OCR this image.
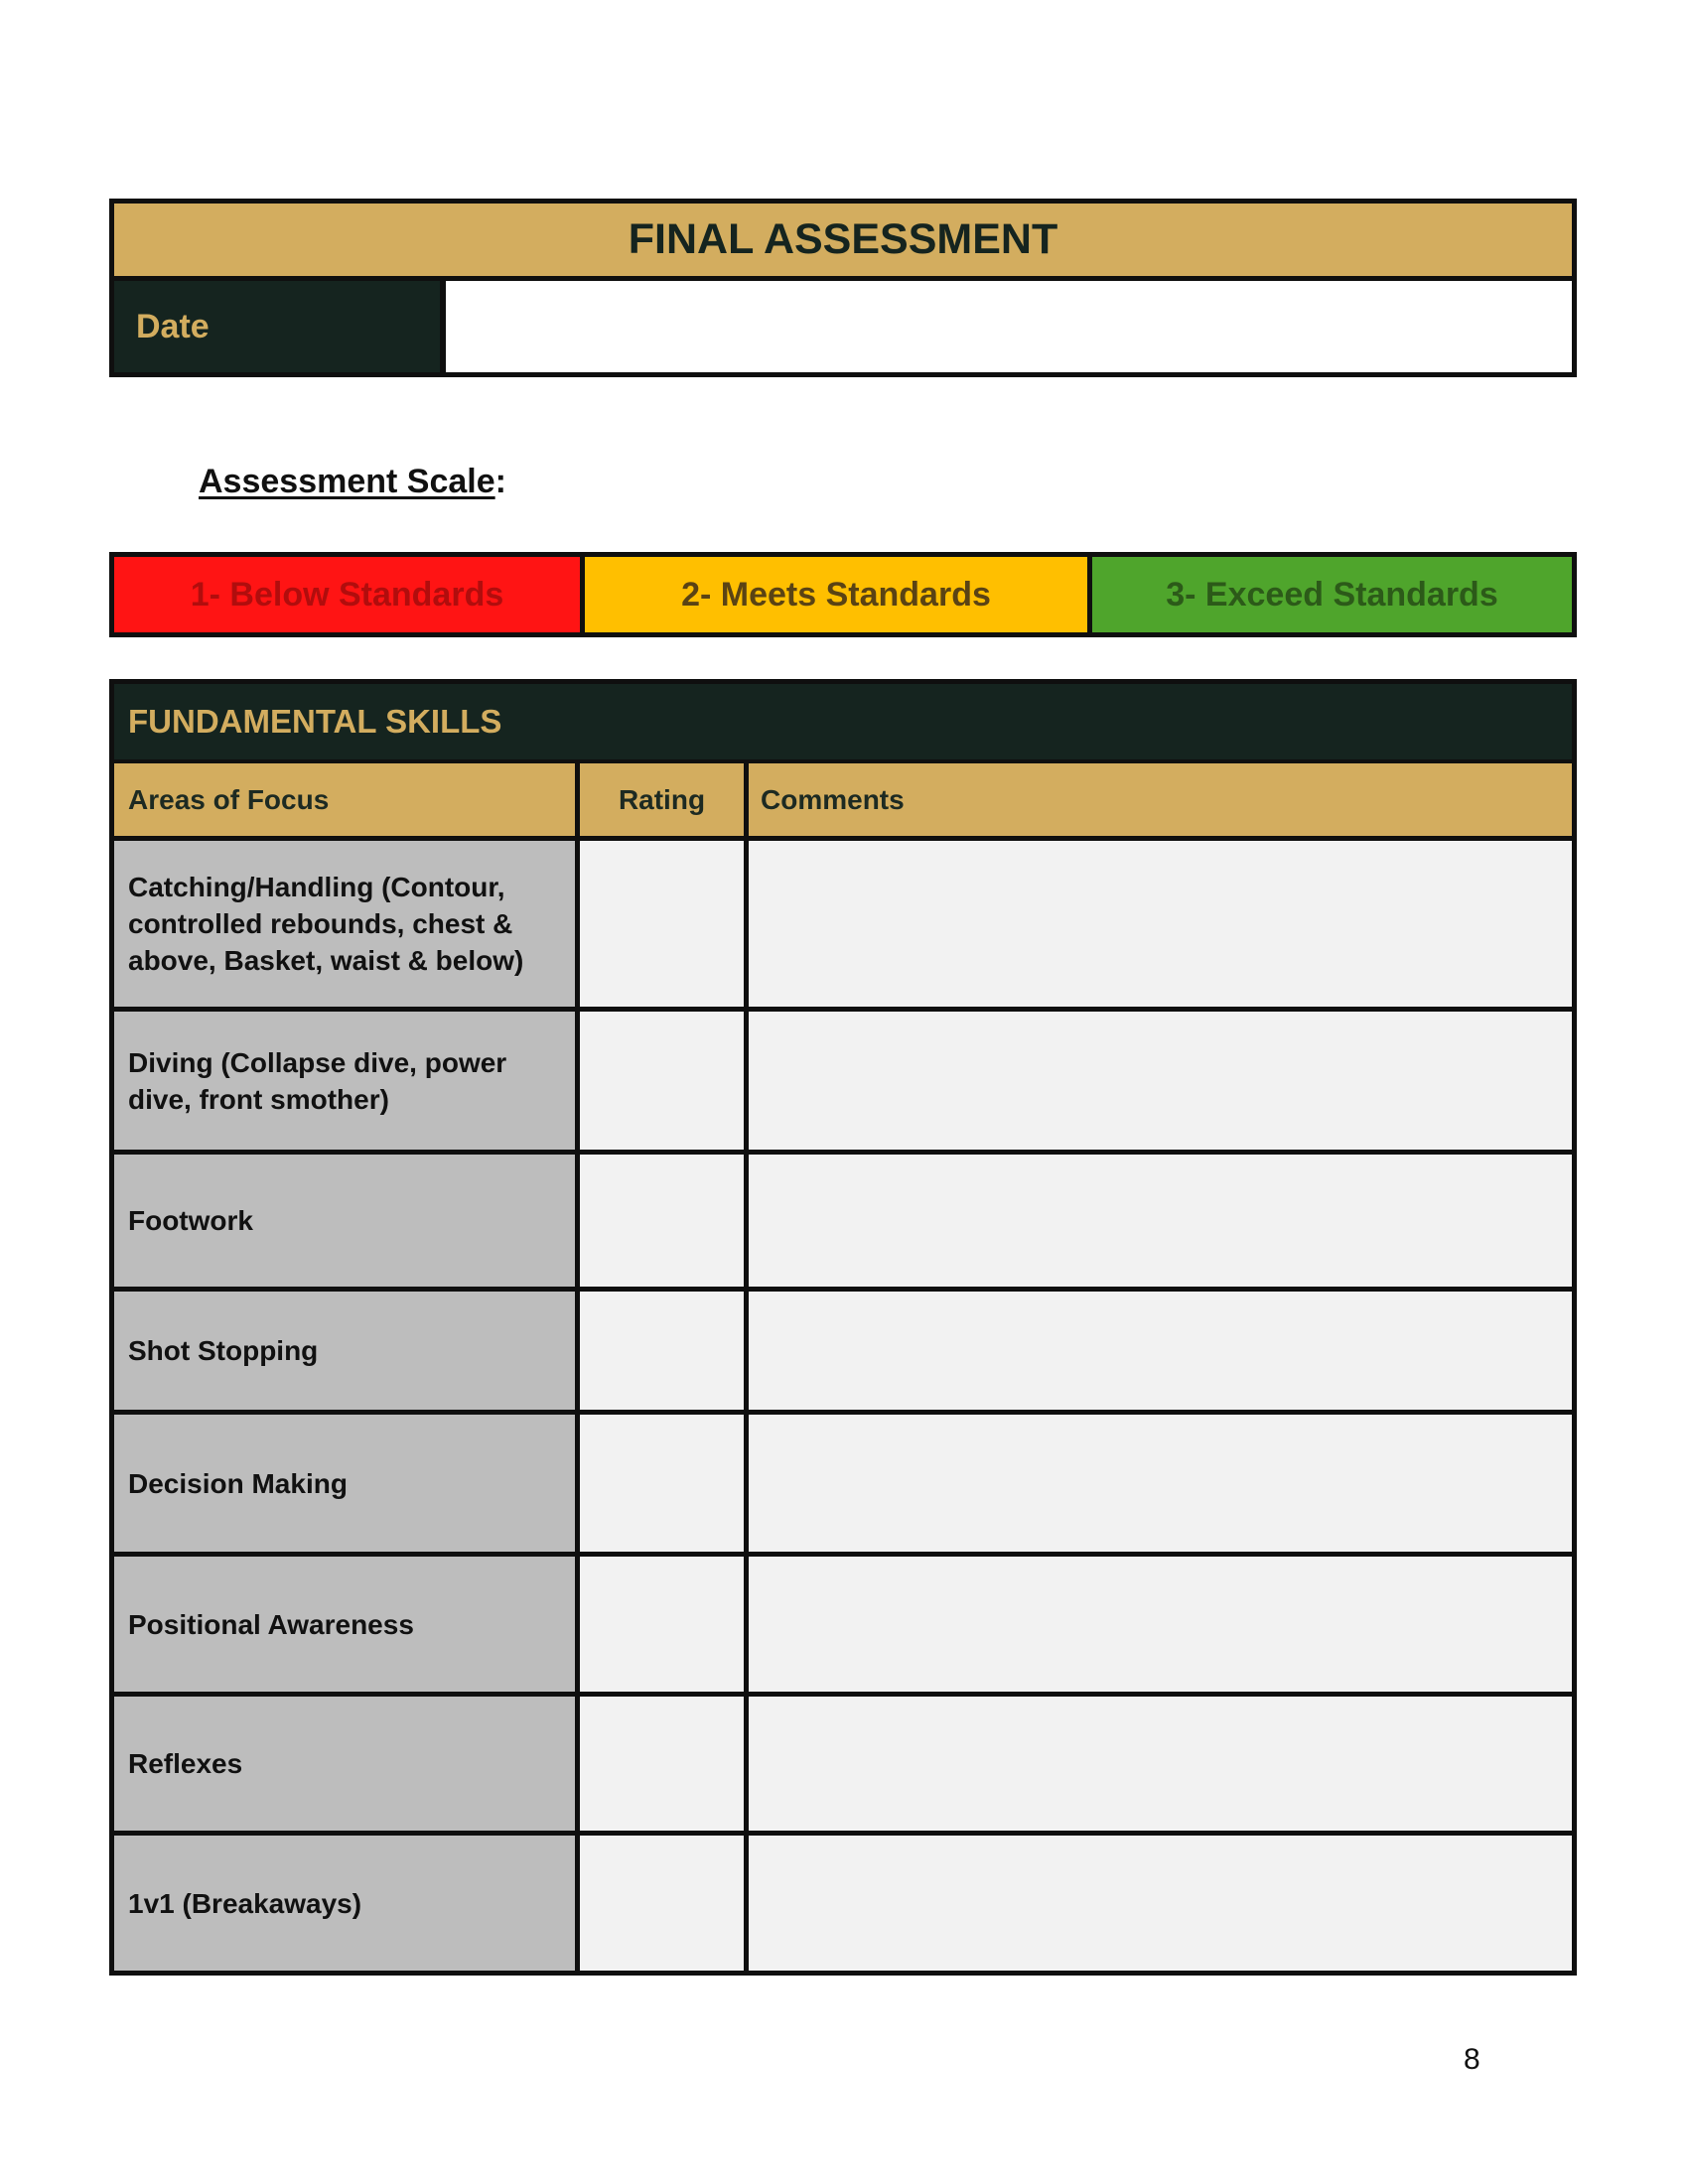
FINAL ASSESSMENT
Date
Assessment Scale:
1- Below Standards	2- Meets Standards	3- Exceed Standards
FUNDAMENTAL SKILLS
Areas of Focus	Rating	Comments
Catching/Handling (Contour, controlled rebounds, chest & above, Basket, waist & below)
Diving (Collapse dive, power dive, front smother)
Footwork
Shot Stopping
Decision Making
Positional Awareness
Reflexes
1v1 (Breakaways)
8
